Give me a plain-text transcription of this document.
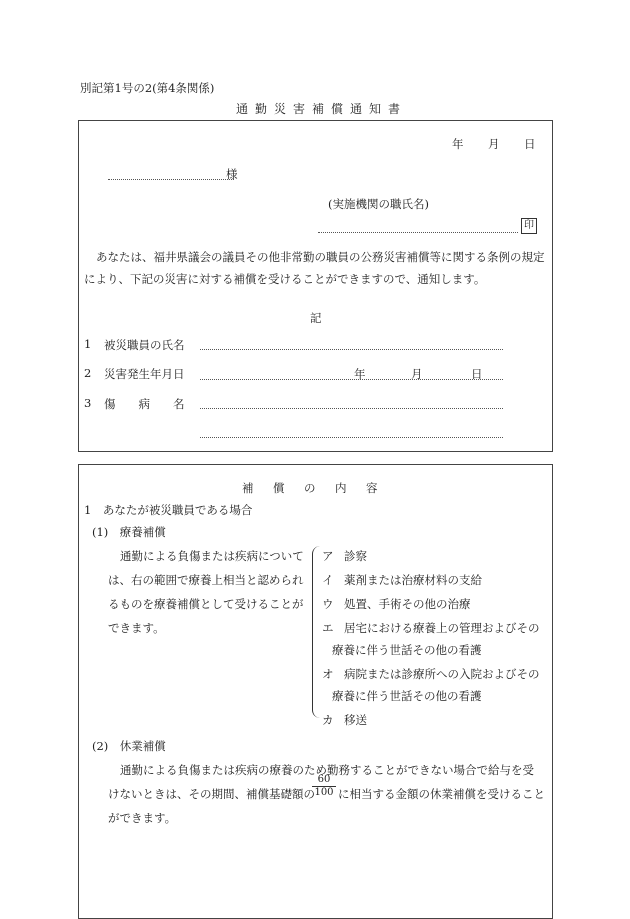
別記第1号の2(第4条関係)
通勤災害補償通知書
年 月 日
様
(実施機関の職氏名)
印
あなたは、福井県議会の議員その他非常勤の職員の公務災害補償等に関する条例の規定
により、下記の災害に対する補償を受けることができますので、通知します。
記
1 被災職員の氏名
2 災害発生年月日	年	月	日
3 傷　　病　　名
補　償　の　内　容
1　あなたが被災職員である場合
(1)　療養補償
通勤による負傷または疾病について
は、右の範囲で療養上相当と認められ
るものを療養補償として受けることが
できます。
ア 診察
イ 薬剤または治療材料の支給
ウ 処置、手術その他の治療
エ 居宅における療養上の管理およびその
療養に伴う世話その他の看護
オ 病院または診療所への入院およびその
療養に伴う世話その他の看護
カ 移送
(2)　休業補償
通勤による負傷または疾病の療養のため勤務することができない場合で給与を受
けないときは、その期間、補償基礎額の
$\frac{60}{100}$ に相当する金額の休業補償を受けること
ができます。
